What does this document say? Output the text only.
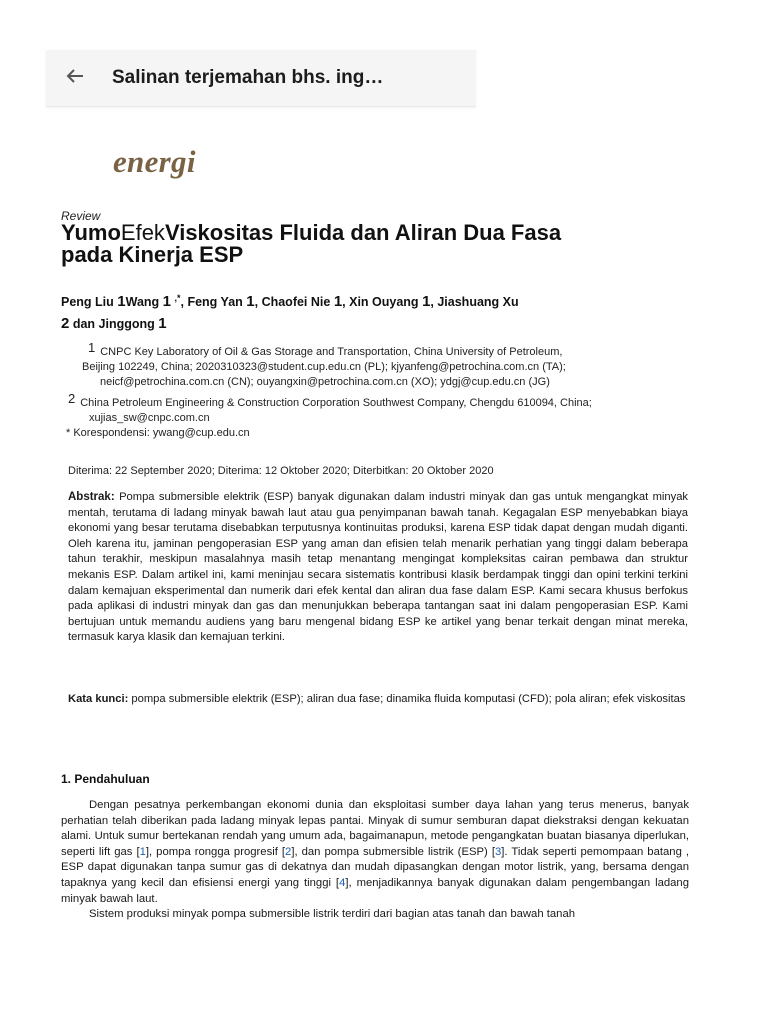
Salinan terjemahan bhs. ing…
energi
Review
YumoEfekViskositas Fluida dan Aliran Dua Fasa
pada Kinerja ESP
Peng Liu 1Wang 1 ,*, Feng Yan 1, Chaofei Nie 1, Xin Ouyang 1, Jiashuang Xu
2 dan Jinggong 1
1 CNPC Key Laboratory of Oil & Gas Storage and Transportation, China University of Petroleum,
Beijing 102249, China; 2020310323@student.cup.edu.cn (PL); kjyanfeng@petrochina.com.cn (TA);
neicf@petrochina.com.cn (CN); ouyangxin@petrochina.com.cn (XO); ydgj@cup.edu.cn (JG)
2 China Petroleum Engineering & Construction Corporation Southwest Company, Chengdu 610094, China;
xujias_sw@cnpc.com.cn
* Korespondensi: ywang@cup.edu.cn
Diterima: 22 September 2020; Diterima: 12 Oktober 2020; Diterbitkan: 20 Oktober 2020
Abstrak: Pompa submersible elektrik (ESP) banyak digunakan dalam industri minyak dan gas untuk mengangkat minyak mentah, terutama di ladang minyak bawah laut atau gua penyimpanan bawah tanah. Kegagalan ESP menyebabkan biaya ekonomi yang besar terutama disebabkan terputusnya kontinuitas produksi, karena ESP tidak dapat dengan mudah diganti. Oleh karena itu, jaminan pengoperasian ESP yang aman dan efisien telah menarik perhatian yang tinggi dalam beberapa tahun terakhir, meskipun masalahnya masih tetap menantang mengingat kompleksitas cairan pembawa dan struktur mekanis ESP. Dalam artikel ini, kami meninjau secara sistematis kontribusi klasik berdampak tinggi dan opini terkini terkini dalam kemajuan eksperimental dan numerik dari efek kental dan aliran dua fase dalam ESP. Kami secara khusus berfokus pada aplikasi di industri minyak dan gas dan menunjukkan beberapa tantangan saat ini dalam pengoperasian ESP. Kami bertujuan untuk memandu audiens yang baru mengenal bidang ESP ke artikel yang benar terkait dengan minat mereka, termasuk karya klasik dan kemajuan terkini.
Kata kunci: pompa submersible elektrik (ESP); aliran dua fase; dinamika fluida komputasi (CFD); pola aliran; efek viskositas
1. Pendahuluan

Dengan pesatnya perkembangan ekonomi dunia dan eksploitasi sumber daya lahan yang terus menerus, banyak perhatian telah diberikan pada ladang minyak lepas pantai. Minyak di sumur semburan dapat diekstraksi dengan kekuatan alami. Untuk sumur bertekanan rendah yang umum ada, bagaimanapun, metode pengangkatan buatan biasanya diperlukan, seperti lift gas [1], pompa rongga progresif [2], dan pompa submersible listrik (ESP) [3]. Tidak seperti pemompaan batang , ESP dapat digunakan tanpa sumur gas di dekatnya dan mudah dipasangkan dengan motor listrik, yang, bersama dengan tapaknya yang kecil dan efisiensi energi yang tinggi [4], menjadikannya banyak digunakan dalam pengembangan ladang minyak bawah laut.

Sistem produksi minyak pompa submersible listrik terdiri dari bagian atas tanah dan bawah tanah
